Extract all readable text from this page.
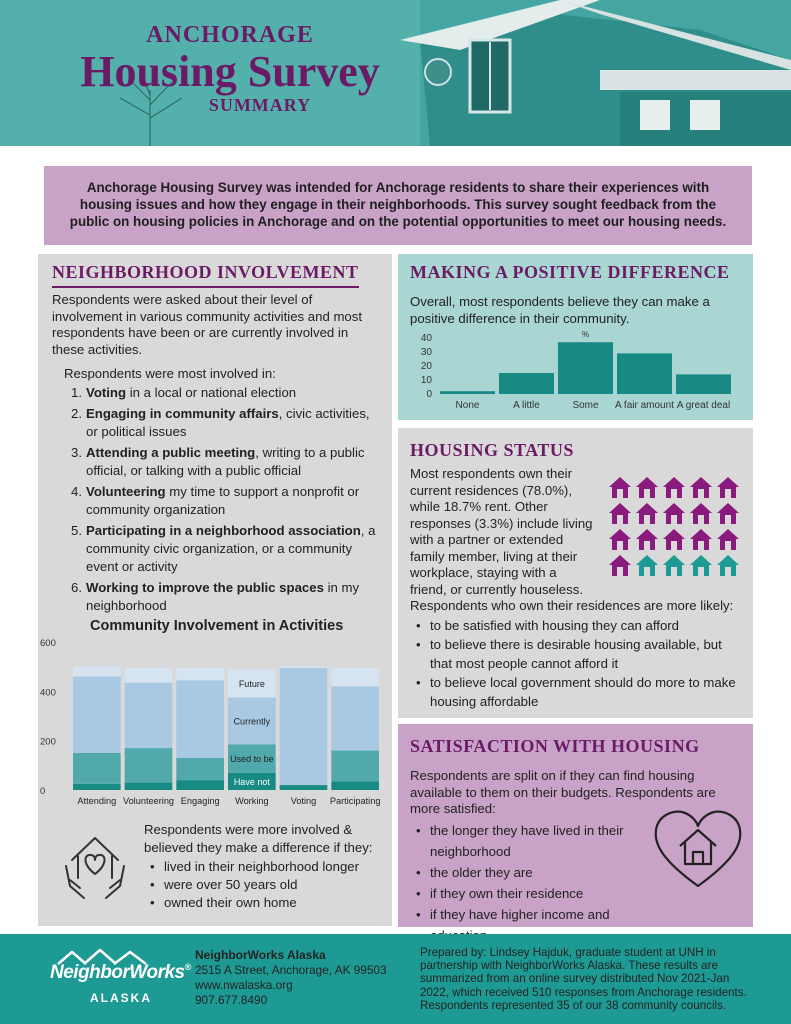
ANCHORAGE
Housing Survey
SUMMARY
Anchorage Housing Survey was intended for Anchorage residents to share their experiences with housing issues and how they engage in their neighborhoods. This survey sought feedback from the public on housing policies in Anchorage and on the potential opportunities to meet our housing needs.
NEIGHBORHOOD INVOLVEMENT
Respondents were asked about their level of involvement in various community activities and most respondents have been or are currently involved in these activities.
Respondents were most involved in:
1. Voting in a local or national election
2. Engaging in community affairs, civic activities, or political issues
3. Attending a public meeting, writing to a public official, or talking with a public official
4. Volunteering my time to support a nonprofit or community organization
5. Participating in a neighborhood association, a community civic organization, or a community event or activity
6. Working to improve the public spaces in my neighborhood
Community Involvement in Activities
0
200
400
600
Attending Volunteering Engaging
Have not
Used to be
Currently
Future
Working Voting Participating
Respondents were more involved & believed they make a difference if they:
• lived in their neighborhood longer
• were over 50 years old
• owned their own home
MAKING A POSITIVE DIFFERENCE
Overall, most respondents believe they can make a positive difference in their community.
0
10
20
30
40	%
None	A little	Some A fair amount A great deal
HOUSING STATUS
Most respondents own their current residences (78.0%), while 18.7% rent. Other responses (3.3%) include living with a partner or extended family member, living at their workplace, staying with a friend, or currently houseless.
Respondents who own their residences are more likely:
• to be satisfied with housing they can afford
• to believe there is desirable housing available, but that most people cannot afford it
• to believe local government should do more to make housing affordable
SATISFACTION WITH HOUSING
Respondents are split on if they can find housing available to them on their budgets. Respondents are more satisfied:
• the longer they have lived in their neighborhood
• the older they are
• if they own their residence
• if they have higher income and
NeighborWorks®
ALASKA
NeighborWorks Alaska
2515 A Street, Anchorage, AK 99503
www.nwalaska.org
907.677.8490
Prepared by: Lindsey Hajduk, graduate student at UNH in partnership with NeighborWorks Alaska. These results are summarized from an online survey distributed Nov 2021-Jan 2022, which received 510 responses from Anchorage residents. Respondents represented 35 of our 38 community councils.
